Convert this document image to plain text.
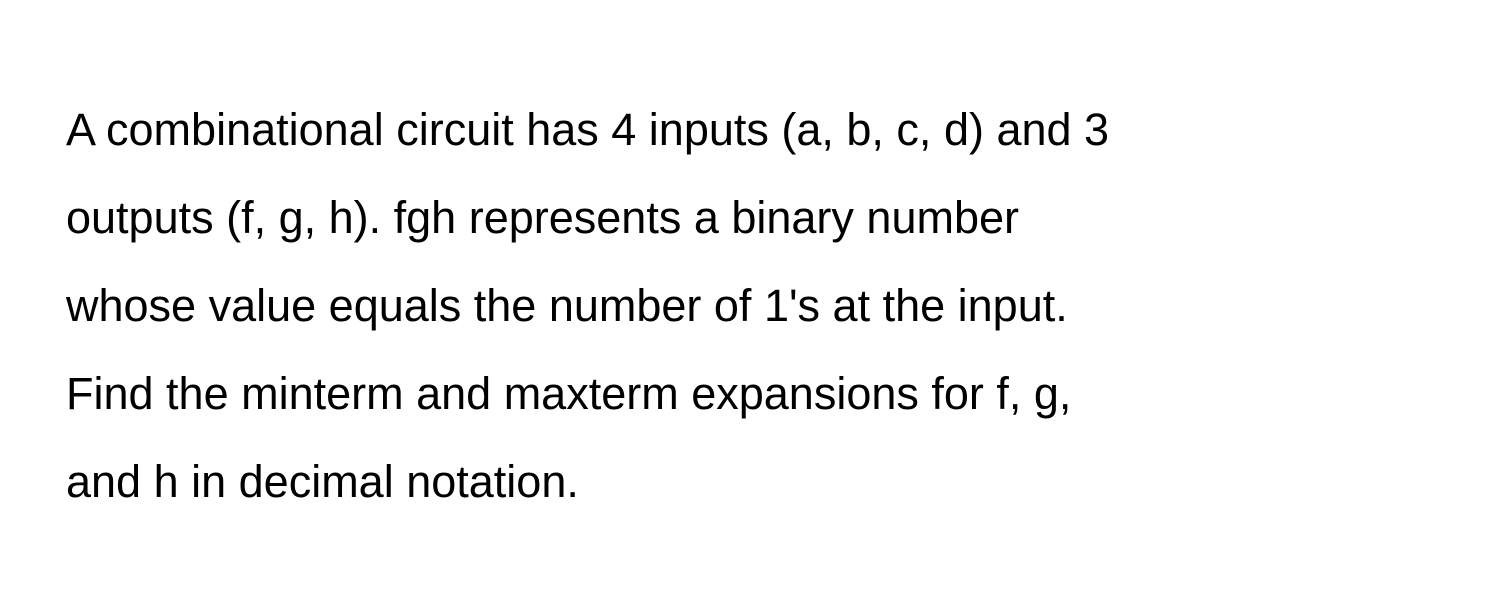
A combinational circuit has 4 inputs (a, b, c, d) and 3
outputs (f, g, h). fgh represents a binary number
whose value equals the number of 1's at the input.
Find the minterm and maxterm expansions for f, g,
and h in decimal notation.
